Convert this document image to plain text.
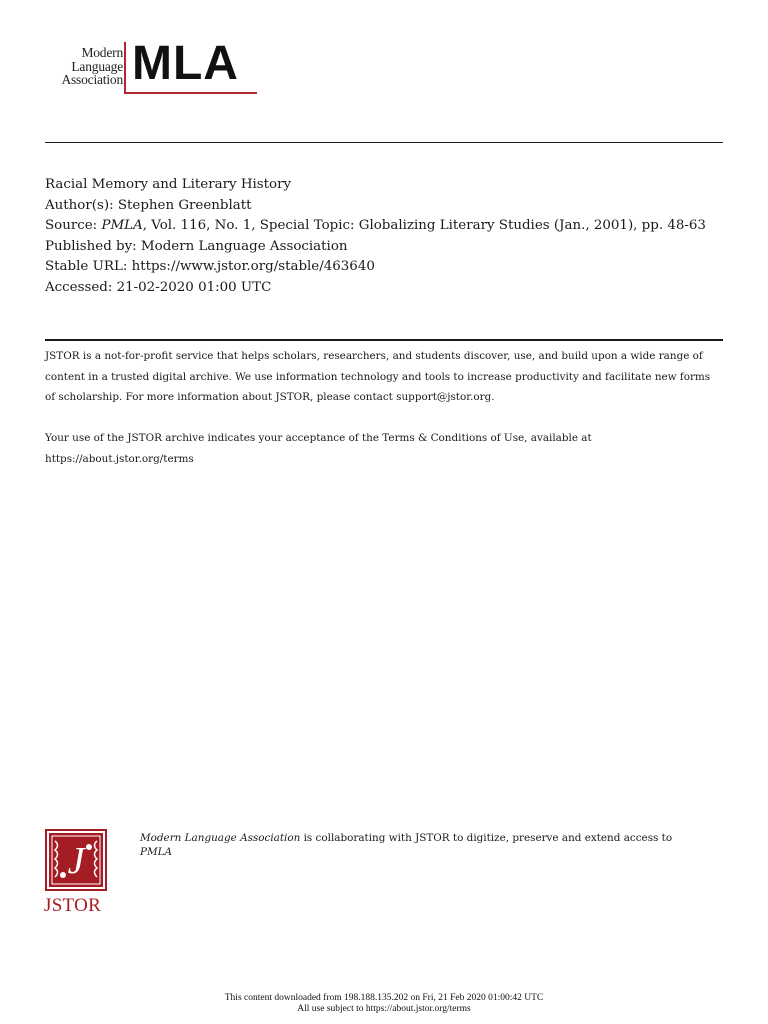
Modern
Language
Association MLA
Racial Memory and Literary History
Author(s): Stephen Greenblatt
Source: PMLA, Vol. 116, No. 1, Special Topic: Globalizing Literary Studies (Jan., 2001), pp. 48-63
Published by: Modern Language Association
Stable URL: https://www.jstor.org/stable/463640
Accessed: 21-02-2020 01:00 UTC

JSTOR is a not-for-profit service that helps scholars, researchers, and students discover, use, and build upon a wide range of content in a trusted digital archive. We use information technology and tools to increase productivity and facilitate new forms of scholarship. For more information about JSTOR, please contact support@jstor.org.

Your use of the JSTOR archive indicates your acceptance of the Terms & Conditions of Use, available at

https://about.jstor.org/terms

J
JSTOR
Modern Language Association is collaborating with JSTOR to digitize, preserve and extend access to PMLA
This content downloaded from 198.188.135.202 on Fri, 21 Feb 2020 01:00:42 UTC
All use subject to https://about.jstor.org/terms
